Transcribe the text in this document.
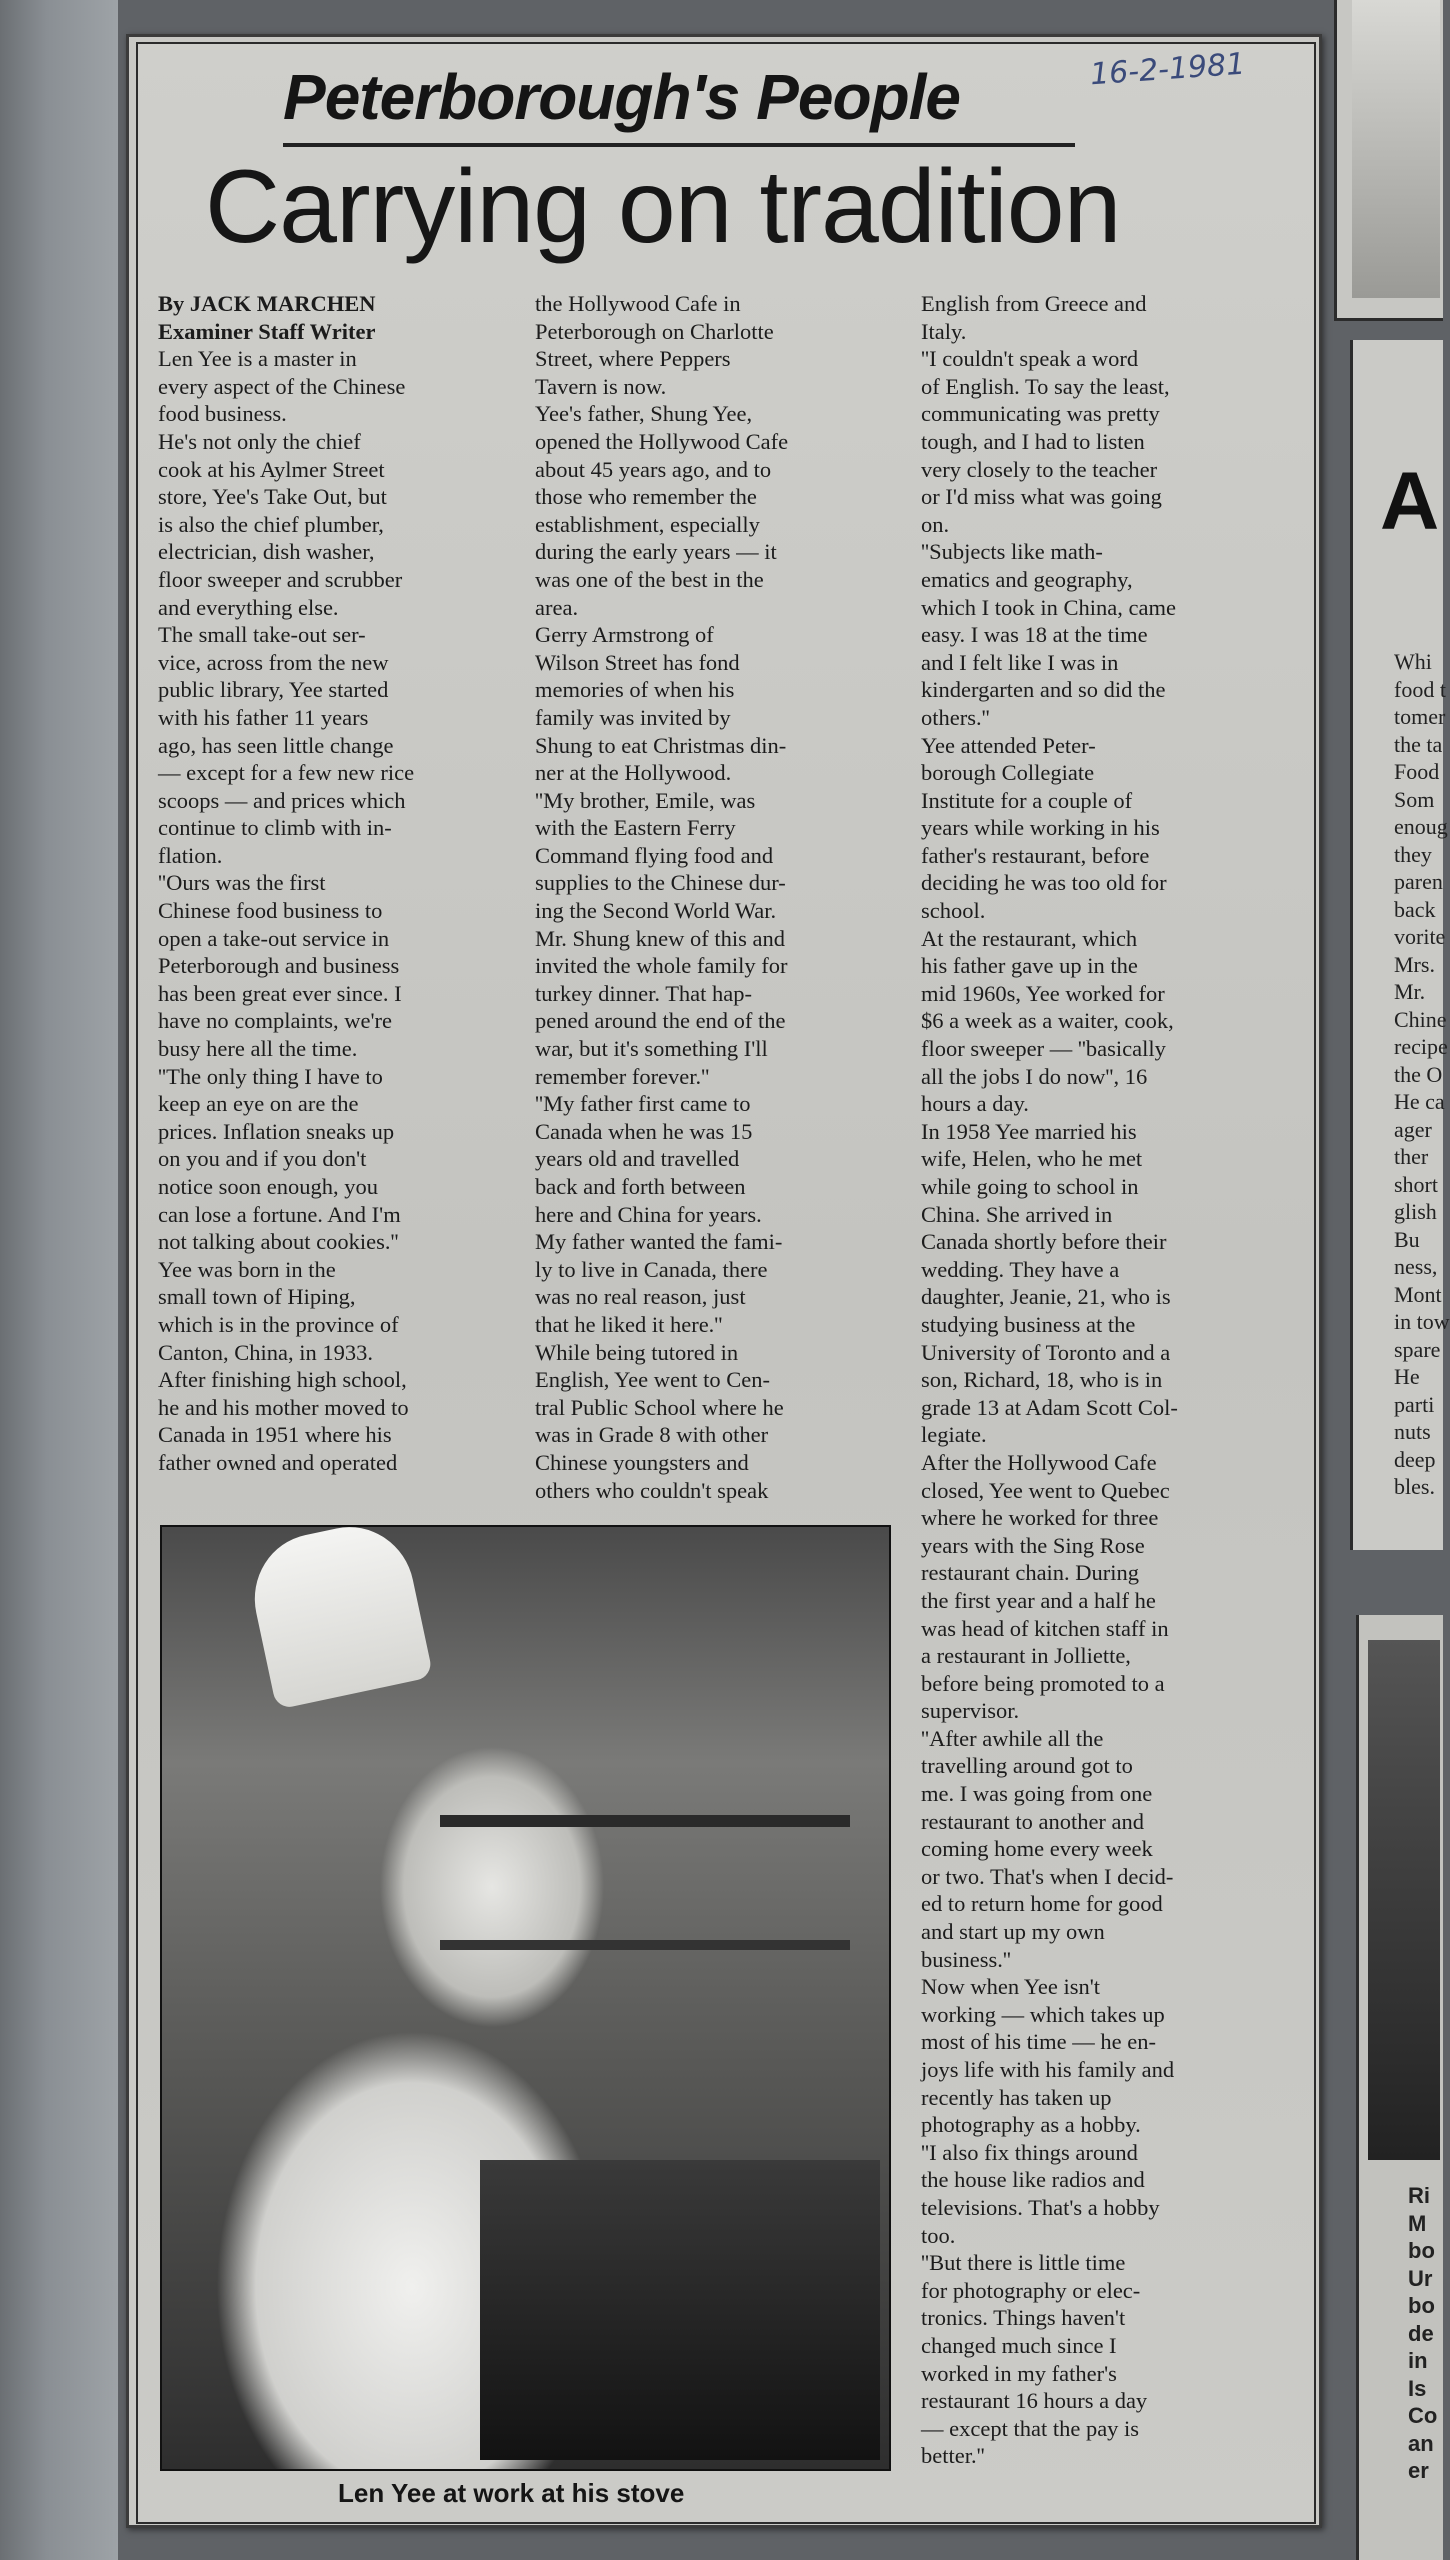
A
Whi
food t
tomer
the ta
Food
Som
enoug
they
paren
back
vorite
Mrs.
Mr.
Chine
recipe
the O
He ca
ager
ther
short
glish
Bu
ness,
Mont
in tow
spare
He
parti
nuts
deep
bles.
Ri
M
bo
Ur
bo
de
in
Is
Co
an
er
Peterborough's People	16-2-1981
Carrying on tradition
By JACK MARCHEN
Examiner Staff Writer
Len Yee is a master in
every aspect of the Chinese
food business.
He's not only the chief
cook at his Aylmer Street
store, Yee's Take Out, but
is also the chief plumber,
electrician, dish washer,
floor sweeper and scrubber
and everything else.
The small take-out ser-
vice, across from the new
public library, Yee started
with his father 11 years
ago, has seen little change
— except for a few new rice
scoops — and prices which
continue to climb with in-
flation.
''Ours was the first
Chinese food business to
open a take-out service in
Peterborough and business
has been great ever since. I
have no complaints, we're
busy here all the time.
''The only thing I have to
keep an eye on are the
prices. Inflation sneaks up
on you and if you don't
notice soon enough, you
can lose a fortune. And I'm
not talking about cookies.''
Yee was born in the
small town of Hiping,
which is in the province of
Canton, China, in 1933.
After finishing high school,
he and his mother moved to
Canada in 1951 where his
father owned and operated
the Hollywood Cafe in
Peterborough on Charlotte
Street, where Peppers
Tavern is now.
Yee's father, Shung Yee,
opened the Hollywood Cafe
about 45 years ago, and to
those who remember the
establishment, especially
during the early years — it
was one of the best in the
area.
Gerry Armstrong of
Wilson Street has fond
memories of when his
family was invited by
Shung to eat Christmas din-
ner at the Hollywood.
''My brother, Emile, was
with the Eastern Ferry
Command flying food and
supplies to the Chinese dur-
ing the Second World War.
Mr. Shung knew of this and
invited the whole family for
turkey dinner. That hap-
pened around the end of the
war, but it's something I'll
remember forever.''
''My father first came to
Canada when he was 15
years old and travelled
back and forth between
here and China for years.
My father wanted the fami-
ly to live in Canada, there
was no real reason, just
that he liked it here.''
While being tutored in
English, Yee went to Cen-
tral Public School where he
was in Grade 8 with other
Chinese youngsters and
others who couldn't speak
English from Greece and
Italy.
''I couldn't speak a word
of English. To say the least,
communicating was pretty
tough, and I had to listen
very closely to the teacher
or I'd miss what was going
on.
''Subjects like math-
ematics and geography,
which I took in China, came
easy. I was 18 at the time
and I felt like I was in
kindergarten and so did the
others.''
Yee attended Peter-
borough Collegiate
Institute for a couple of
years while working in his
father's restaurant, before
deciding he was too old for
school.
At the restaurant, which
his father gave up in the
mid 1960s, Yee worked for
$6 a week as a waiter, cook,
floor sweeper — ''basically
all the jobs I do now'', 16
hours a day.
In 1958 Yee married his
wife, Helen, who he met
while going to school in
China. She arrived in
Canada shortly before their
wedding. They have a
daughter, Jeanie, 21, who is
studying business at the
University of Toronto and a
son, Richard, 18, who is in
grade 13 at Adam Scott Col-
legiate.
After the Hollywood Cafe
closed, Yee went to Quebec
where he worked for three
years with the Sing Rose
restaurant chain. During
the first year and a half he
was head of kitchen staff in
a restaurant in Jolliette,
before being promoted to a
supervisor.
''After awhile all the
travelling around got to
me. I was going from one
restaurant to another and
coming home every week
or two. That's when I decid-
ed to return home for good
and start up my own
business.''
Now when Yee isn't
working — which takes up
most of his time — he en-
joys life with his family and
recently has taken up
photography as a hobby.
''I also fix things around
the house like radios and
televisions. That's a hobby
too.
''But there is little time
for photography or elec-
tronics. Things haven't
changed much since I
worked in my father's
restaurant 16 hours a day
— except that the pay is
better.''
Len Yee at work at his stove
